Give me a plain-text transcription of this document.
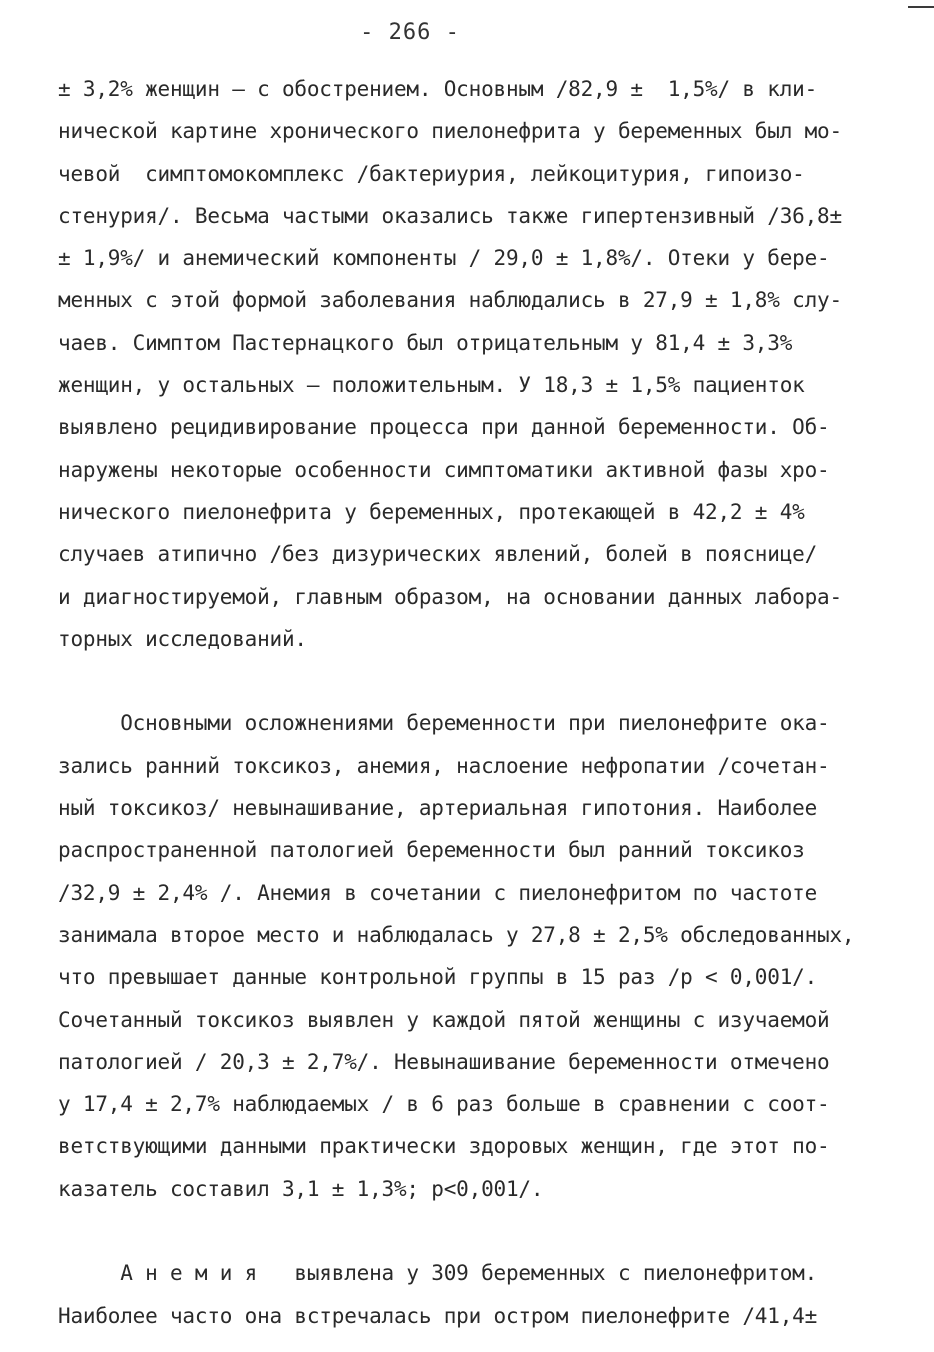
- 266 -
± 3,2% женщин – с обострением. Основным /82,9 ±  1,5%/ в кли-
нической картине хронического пиелонефрита у беременных был мо-
чевой  симптомокомплекс /бактериурия, лейкоцитурия, гипоизо-
стенурия/. Весьма частыми оказались также гипертензивный /36,8±
± 1,9%/ и анемический компоненты / 29,0 ± 1,8%/. Отеки у бере-
менных с этой формой заболевания наблюдались в 27,9 ± 1,8% слу-
чаев. Симптом Пастернацкого был отрицательным у 81,4 ± 3,3%
женщин, у остальных – положительным. У 18,3 ± 1,5% пациенток
выявлено рецидивирование процесса при данной беременности. Об-
наружены некоторые особенности симптоматики активной фазы хро-
нического пиелонефрита у беременных, протекающей в 42,2 ± 4%
случаев атипично /без дизурических явлений, болей в пояснице/
и диагностируемой, главным образом, на основании данных лабора-
торных исследований.
Основными осложнениями беременности при пиелонефрите ока-
зались ранний токсикоз, анемия, наслоение нефропатии /сочетан-
ный токсикоз/ невынашивание, артериальная гипотония. Наиболее
распространенной патологией беременности был ранний токсикоз
/32,9 ± 2,4% /. Анемия в сочетании с пиелонефритом по частоте
занимала второе место и наблюдалась у 27,8 ± 2,5% обследованных,
что превышает данные контрольной группы в 15 раз /р < 0,001/.
Сочетанный токсикоз выявлен у каждой пятой женщины с изучаемой
патологией / 20,3 ± 2,7%/. Невынашивание беременности отмечено
у 17,4 ± 2,7% наблюдаемых / в 6 раз больше в сравнении с соот-
ветствующими данными практически здоровых женщин, где этот по-
казатель составил 3,1 ± 1,3%; р<0,001/.
А н е м и я   выявлена у 309 беременных с пиелонефритом.
Наиболее часто она встречалась при остром пиелонефрите /41,4±
